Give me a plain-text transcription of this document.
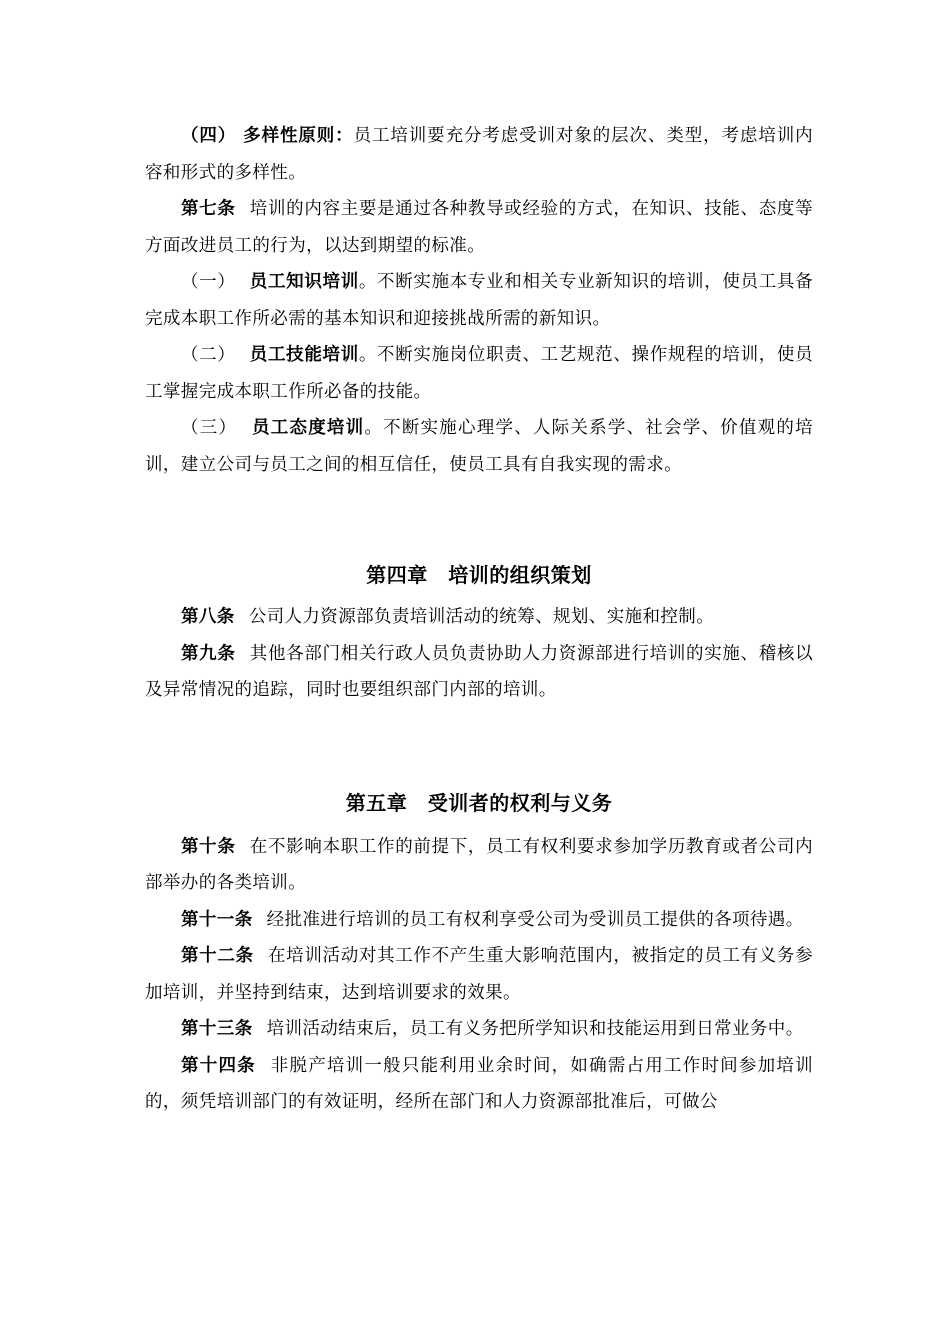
（四） 多样性原则：员工培训要充分考虑受训对象的层次、类型，考虑培训内容和形式的多样性。

第七条 培训的内容主要是通过各种教导或经验的方式，在知识、技能、态度等方面改进员工的行为，以达到期望的标准。

（一） 员工知识培训。不断实施本专业和相关专业新知识的培训，使员工具备完成本职工作所必需的基本知识和迎接挑战所需的新知识。

（二） 员工技能培训。不断实施岗位职责、工艺规范、操作规程的培训，使员工掌握完成本职工作所必备的技能。

（三） 员工态度培训。不断实施心理学、人际关系学、社会学、价值观的培训，建立公司与员工之间的相互信任，使员工具有自我实现的需求。

第四章　培训的组织策划

第八条 公司人力资源部负责培训活动的统筹、规划、实施和控制。

第九条 其他各部门相关行政人员负责协助人力资源部进行培训的实施、稽核以及异常情况的追踪，同时也要组织部门内部的培训。

第五章　受训者的权利与义务

第十条 在不影响本职工作的前提下，员工有权利要求参加学历教育或者公司内部举办的各类培训。

第十一条 经批准进行培训的员工有权利享受公司为受训员工提供的各项待遇。

第十二条 在培训活动对其工作不产生重大影响范围内，被指定的员工有义务参加培训，并坚持到结束，达到培训要求的效果。

第十三条 培训活动结束后，员工有义务把所学知识和技能运用到日常业务中。

第十四条 非脱产培训一般只能利用业余时间，如确需占用工作时间参加培训的，须凭培训部门的有效证明，经所在部门和人力资源部批准后，可做公
